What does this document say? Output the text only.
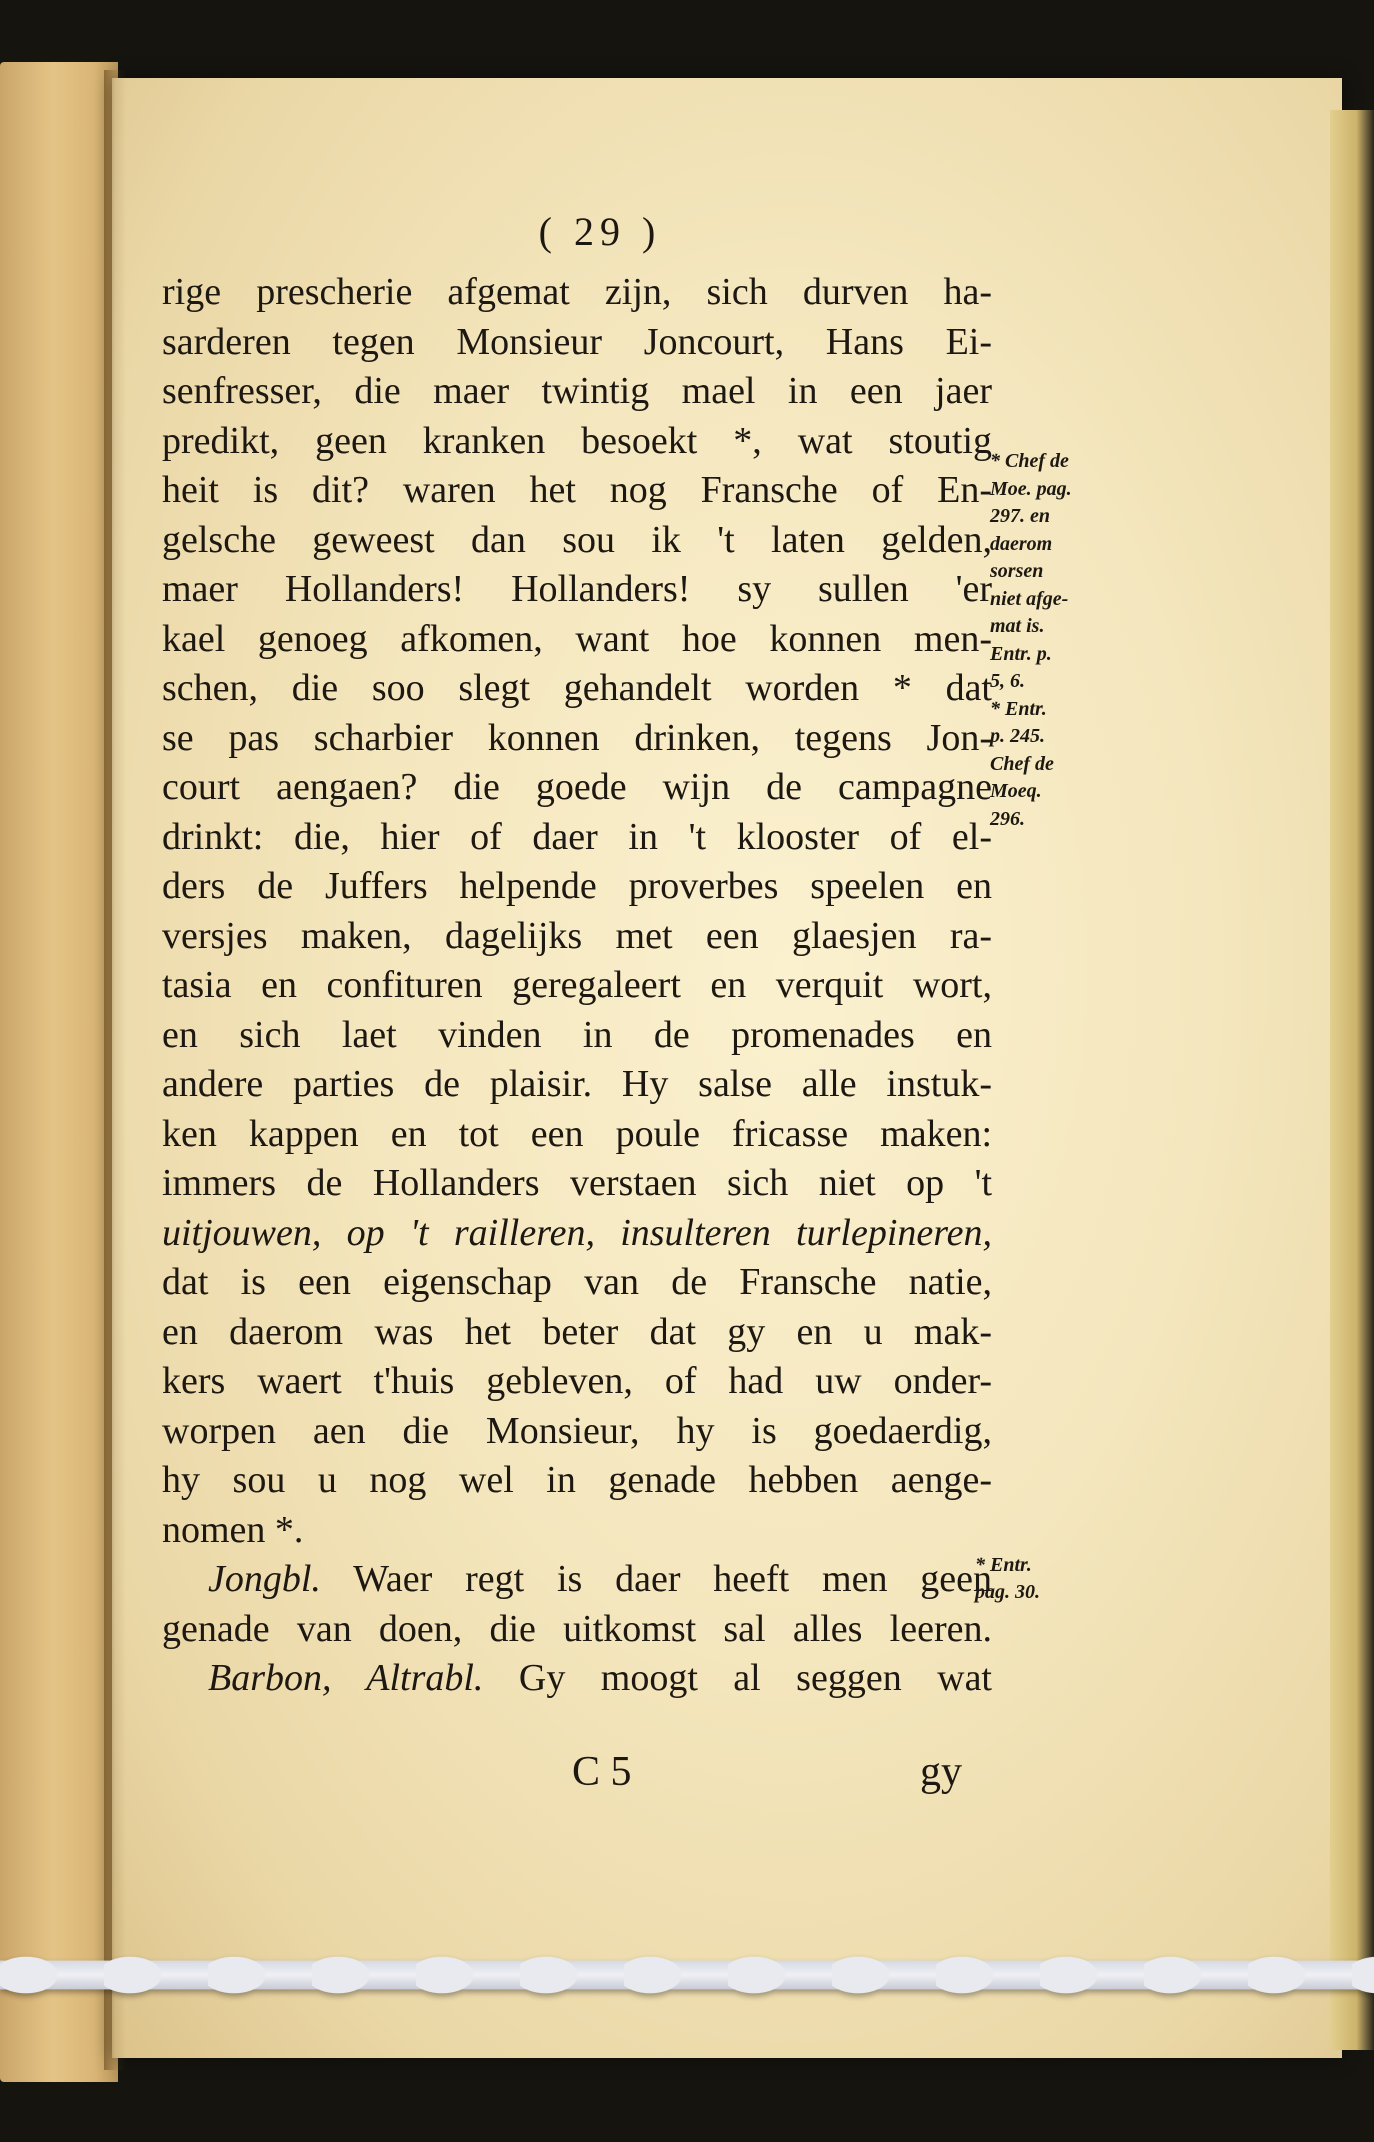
( 29 )
rige prescherie afgemat zijn, sich durven ha-
sarderen tegen Monsieur Joncourt, Hans Ei-
senfresser, die maer twintig mael in een jaer
predikt, geen kranken besoekt *, wat stoutig
heit is dit? waren het nog Fransche of En-
gelsche geweest dan sou ik 't laten gelden,
maer Hollanders! Hollanders! sy sullen 'er
kael genoeg afkomen, want hoe konnen men-
schen, die soo slegt gehandelt worden * dat
se pas scharbier konnen drinken, tegens Jon-
court aengaen? die goede wijn de campagne
drinkt: die, hier of daer in 't klooster of el-
ders de Juffers helpende proverbes speelen en
versjes maken, dagelijks met een glaesjen ra-
tasia en confituren geregaleert en verquit wort,
en sich laet vinden in de promenades en
andere parties de plaisir. Hy salse alle instuk-
ken kappen en tot een poule fricasse maken:
immers de Hollanders verstaen sich niet op 't
uitjouwen, op 't railleren, insulteren turlepineren,
dat is een eigenschap van de Fransche natie,
en daerom was het beter dat gy en u mak-
kers waert t'huis gebleven, of had uw onder-
worpen aen die Monsieur, hy is goedaerdig,
hy sou u nog wel in genade hebben aenge-
nomen *.
Jongbl. Waer regt is daer heeft men geen
genade van doen, die uitkomst sal alles leeren.
Barbon, Altrabl. Gy moogt al seggen wat
* Chef de
Moe. pag.
297. en
daerom
sorsen
niet afge-
mat is.
Entr. p.
5, 6.
* Entr.
p. 245.
Chef de
Moeq.
296.
* Entr.
pag. 30.
C 5	gy
